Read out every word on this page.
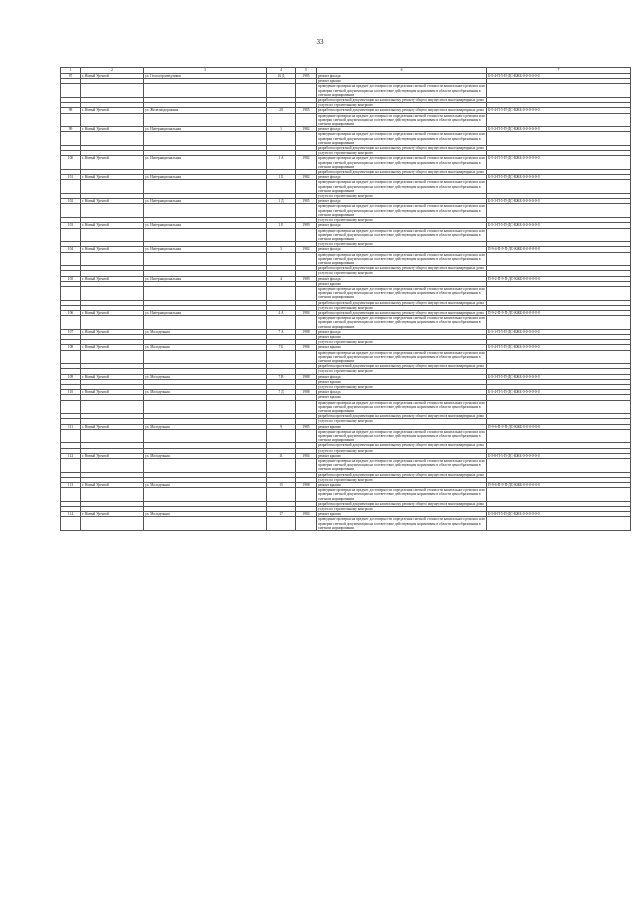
33
1	2	3	4	5	6	7
97	г. Новый Уренгой	ул. Геологоразведчиков	16 Д	1985	ремонт фасада	Б-5-4-П-5-П-ДС-КЖБ-0-0-0-0-0-0
					ремонт крыши	
					проведение проверки на предмет достоверности определения сметной стоимости капитального ремонта или проверки сметной документации на соответствие действующим нормативам в области ценообразования в сметном нормировании	
					разработка проектной документации на капитальному ремонту общего имущества в многоквартирных дома	
					услуги по строительному контролю	
98	г. Новый Уренгой	ул. Железнодорожная	20	1985	разработка проектной документации на капитальному ремонту общего имущества в многоквартирных дома	Б-5-4-П-5-П-ДС-КЖБ-0-0-0-0-0-0
					проведение проверки на предмет достоверности определения сметной стоимости капитального ремонта или проверки сметной документации на соответствие действующим нормативам в области ценообразования в сметном нормировании	
99	г. Новый Уренгой	ул. Интернациональная	1	1982	ремонт фасада	Б-5-2-П-5-П-ДС-КЖБ-0-0-0-0-0-0
					проведение проверки на предмет достоверности определения сметной стоимости капитального ремонта или проверки сметной документации на соответствие действующим нормативам в области ценообразования в сметном нормировании	
					разработка проектной документации на капитальному ремонту общего имущества в многоквартирных дома	
					услуги по строительному контролю	
100	г. Новый Уренгой	ул. Интернациональная	1 А	1982	проведение проверки на предмет достоверности определения сметной стоимости капитального ремонта или проверки сметной документации на соответствие действующим нормативам в области ценообразования в сметном нормировании	Б-5-4-П-5-П-ДС-КЖБ-0-0-0-0-0-0
					разработка проектной документации на капитальному ремонту общего имущества в многоквартирных дома	
101	г. Новый Уренгой	ул. Интернациональная	1 Б	1982	ремонт фасада	Б-5-2-П-5-П-ДС-КЖБ-0-0-0-0-0-0
					проведение проверки на предмет достоверности определения сметной стоимости капитального ремонта или проверки сметной документации на соответствие действующим нормативам в области ценообразования в сметном нормировании	
					услуги по строительному контролю	
102	г. Новый Уренгой	ул. Интернациональная	1 Д	1985	ремонт фасада	Б-5-1-П-5-П-ДС-КЖБ-0-0-0-0-0-0
					проведение проверки на предмет достоверности определения сметной стоимости капитального ремонта или проверки сметной документации на соответствие действующим нормативам в области ценообразования в сметном нормировании	
					услуги по строительному контролю	
103	г. Новый Уренгой	ул. Интернациональная	1 Е	1989	ремонт фасада	Б-5-1-П-5-П-ДС-КЖБ-0-0-0-0-0-0
					проведение проверки на предмет достоверности определения сметной стоимости капитального ремонта или проверки сметной документации на соответствие действующим нормативам в области ценообразования в сметном нормировании	
					услуги по строительному контролю	
104	г. Новый Уренгой	ул. Интернациональная	3	1982	ремонт фасада	П-9-4-П-9-П-ДС-КЖБ-0-0-0-0-0-0
					проведение проверки на предмет достоверности определения сметной стоимости капитального ремонта или проверки сметной документации на соответствие действующим нормативам в области ценообразования в сметном нормировании	
					разработка проектной документации на капитальному ремонту общего имущества в многоквартирных дома	
					услуги по строительному контролю	
105	г. Новый Уренгой	ул. Интернациональная	4	1989	ремонт фасада	П-9-2-П-9-П-ДС-КЖБ-0-0-0-0-0-0
					ремонт крыши	
					проведение проверки на предмет достоверности определения сметной стоимости капитального ремонта или проверки сметной документации на соответствие действующим нормативам в области ценообразования в сметном нормировании	
					разработка проектной документации на капитальному ремонту общего имущества в многоквартирных дома	
					услуги по строительному контролю	
106	г. Новый Уренгой	ул. Интернациональная	4 А	1984	разработка проектной документации на капитальному ремонту общего имущества в многоквартирных дома	П-9-2-П-9-П-ДС-КЖБ-0-0-0-0-0-0
					проведение проверки на предмет достоверности определения сметной стоимости капитального ремонта или проверки сметной документации на соответствие действующим нормативам в области ценообразования в сметном нормировании	
107	г. Новый Уренгой	ул. Молодежная	7 А	1988	ремонт фасада	Б-5-1-П-5-П-ДС-КЖБ-0-0-0-0-0-0
					ремонт крыши	
					услуги по строительному контролю	
108	г. Новый Уренгой	ул. Молодежная	7 Б	1986	ремонт крыши	Б-5-4-П-5-П-ДС-КЖБ-0-0-0-0-0-0
					проведение проверки на предмет достоверности определения сметной стоимости капитального ремонта или проверки сметной документации на соответствие действующим нормативам в области ценообразования в сметном нормировании	
					разработка проектной документации на капитальному ремонту общего имущества в многоквартирных дома	
					услуги по строительному контролю	
109	г. Новый Уренгой	ул. Молодежная	7 В	1988	ремонт фасада	Б-5-1-П-5-П-ДС-КЖБ-0-0-0-0-0-0
					ремонт крыши	
					услуги по строительному контролю	
110	г. Новый Уренгой	ул. Молодежная	7 Д	1988	ремонт фасада	Б-5-4-П-5-П-ДС-КЖБ-0-0-0-0-0-0
					ремонт крыши	
					проведение проверки на предмет достоверности определения сметной стоимости капитального ремонта или проверки сметной документации на соответствие действующим нормативам в области ценообразования в сметном нормировании	
					разработка проектной документации на капитальному ремонту общего имущества в многоквартирных дома	
					услуги по строительному контролю	
111	г. Новый Уренгой	ул. Молодежная	9	1985	ремонт крыши	П-9-6-П-9-П-ДС-КЖБ-0-0-0-0-0-0
					проведение проверки на предмет достоверности определения сметной стоимости капитального ремонта или проверки сметной документации на соответствие действующим нормативам в области ценообразования в сметном нормировании	
					разработка проектной документации на капитальному ремонту общего имущества в многоквартирных дома	
					услуги по строительному контролю	
112	г. Новый Уренгой	ул. Молодежная	11	1984	ремонт крыши	Б-5-8-П-5-П-ДС-КЖБ-0-0-0-0-0-0
					проведение проверки на предмет достоверности определения сметной стоимости капитального ремонта или проверки сметной документации на соответствие действующим нормативам в области ценообразования в сметном нормировании	
					разработка проектной документации на капитальному ремонту общего имущества в многоквартирных дома	
					услуги по строительному контролю	
113	г. Новый Уренгой	ул. Молодежная	15	1988	ремонт крыши	П-9-6-П-9-П-ДС-КЖБ-0-0-0-0-0-0
					проведение проверки на предмет достоверности определения сметной стоимости капитального ремонта или проверки сметной документации на соответствие действующим нормативам в области ценообразования в сметном нормировании	
					разработка проектной документации на капитальному ремонту общего имущества в многоквартирных дома	
					услуги по строительному контролю	
114	г. Новый Уренгой	ул. Молодежная	17	1984	ремонт крыши	Б-5-8-П-5-П-ДС-КЖБ-0-0-0-0-0-0
					проведение проверки на предмет достоверности определения сметной стоимости капитального ремонта или проверки сметной документации на соответствие действующим нормативам в области ценообразования в сметном нормировании	
